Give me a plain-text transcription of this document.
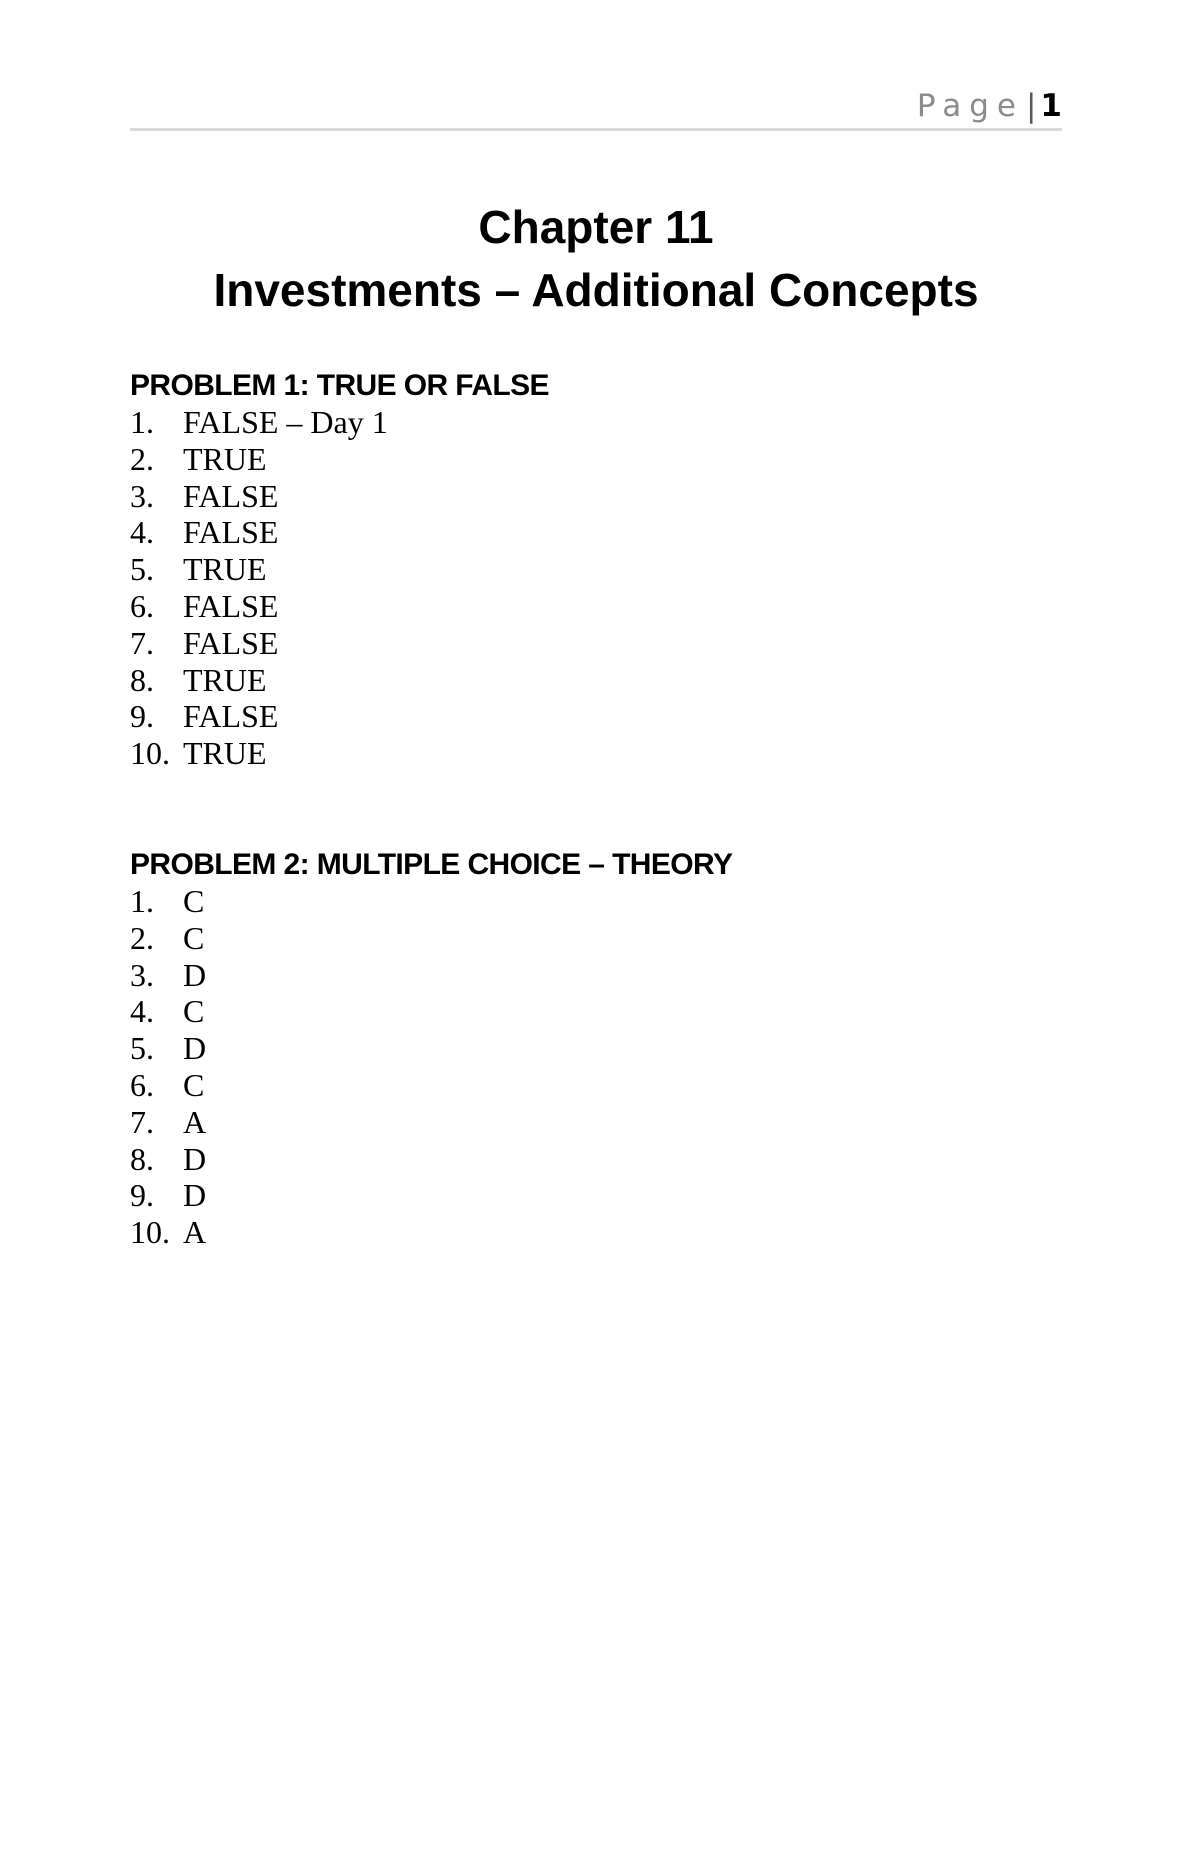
Page| 1
Chapter 11
Investments – Additional Concepts
PROBLEM 1: TRUE OR FALSE
1. FALSE – Day 1
2. TRUE
3. FALSE
4. FALSE
5. TRUE
6. FALSE
7. FALSE
8. TRUE
9. FALSE
10. TRUE
PROBLEM 2: MULTIPLE CHOICE – THEORY
1. C
2. C
3. D
4. C
5. D
6. C
7. A
8. D
9. D
10. A
